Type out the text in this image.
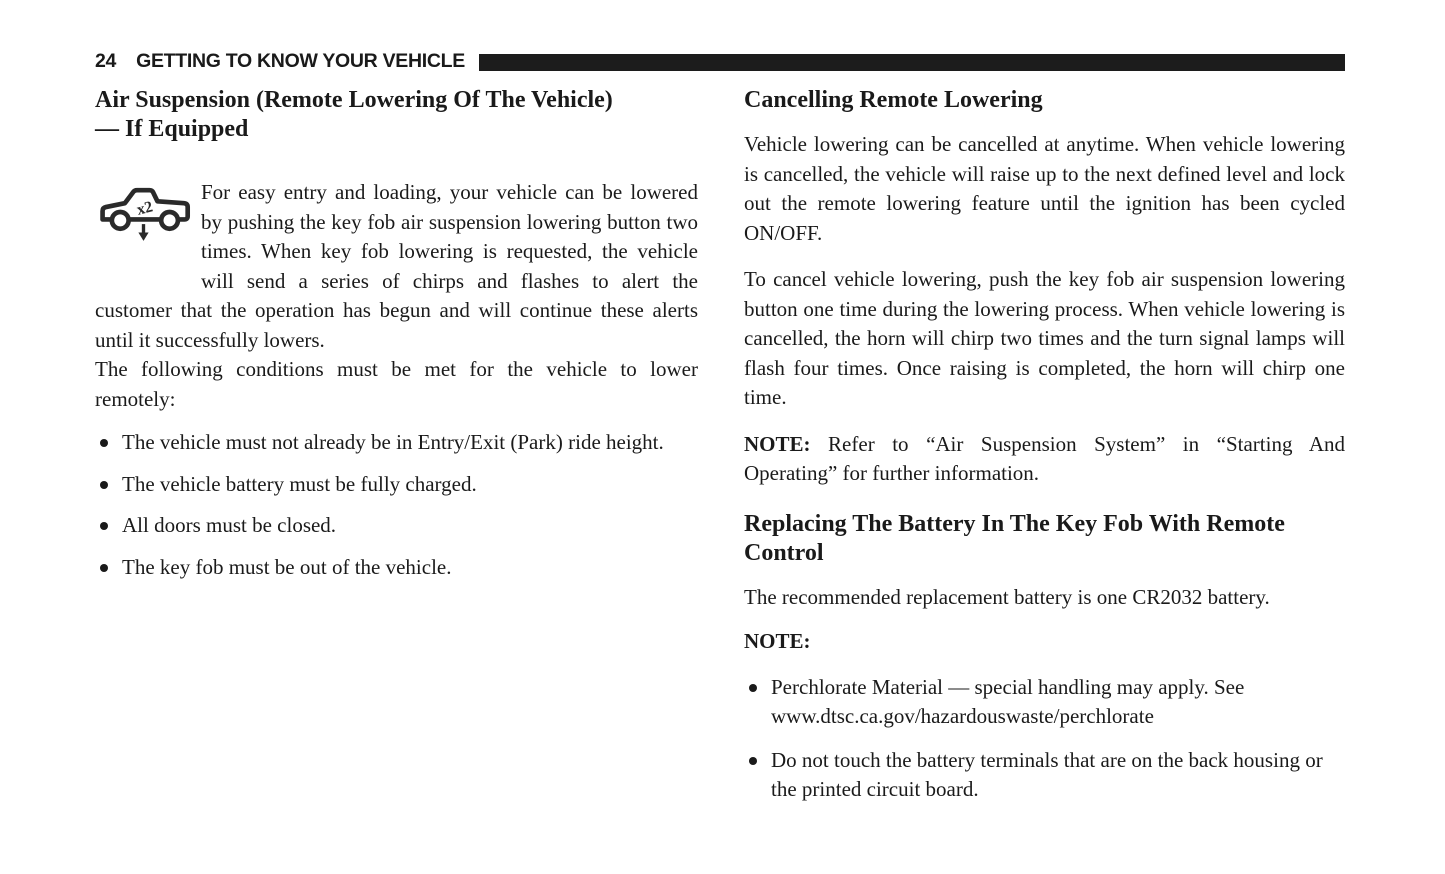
24 GETTING TO KNOW YOUR VEHICLE
Air Suspension (Remote Lowering Of The Vehicle)
— If Equipped
x2

For easy entry and loading, your vehicle can be lowered by pushing the key fob air suspension lowering button two times. When key fob lowering is requested, the vehicle will send a series of chirps and flashes to alert the customer that the operation has begun and will continue these alerts until it successfully lowers.

The following conditions must be met for the vehicle to lower remotely:

The vehicle must not already be in Entry/Exit (Park) ride height.
The vehicle battery must be fully charged.
All doors must be closed.
The key fob must be out of the vehicle.
Cancelling Remote Lowering

Vehicle lowering can be cancelled at anytime. When vehicle lowering is cancelled, the vehicle will raise up to the next defined level and lock out the remote lowering feature until the ignition has been cycled ON/OFF.

To cancel vehicle lowering, push the key fob air suspension lowering button one time during the lowering process. When vehicle lowering is cancelled, the horn will chirp two times and the turn signal lamps will flash four times. Once raising is completed, the horn will chirp one time.

NOTE: Refer to “Air Suspension System” in “Starting And Operating” for further information.

Replacing The Battery In The Key Fob With Remote Control

The recommended replacement battery is one CR2032 battery.

NOTE:

Perchlorate Material — special handling may apply. See www.dtsc.ca.gov/hazardouswaste/perchlorate
Do not touch the battery terminals that are on the back housing or the printed circuit board.
